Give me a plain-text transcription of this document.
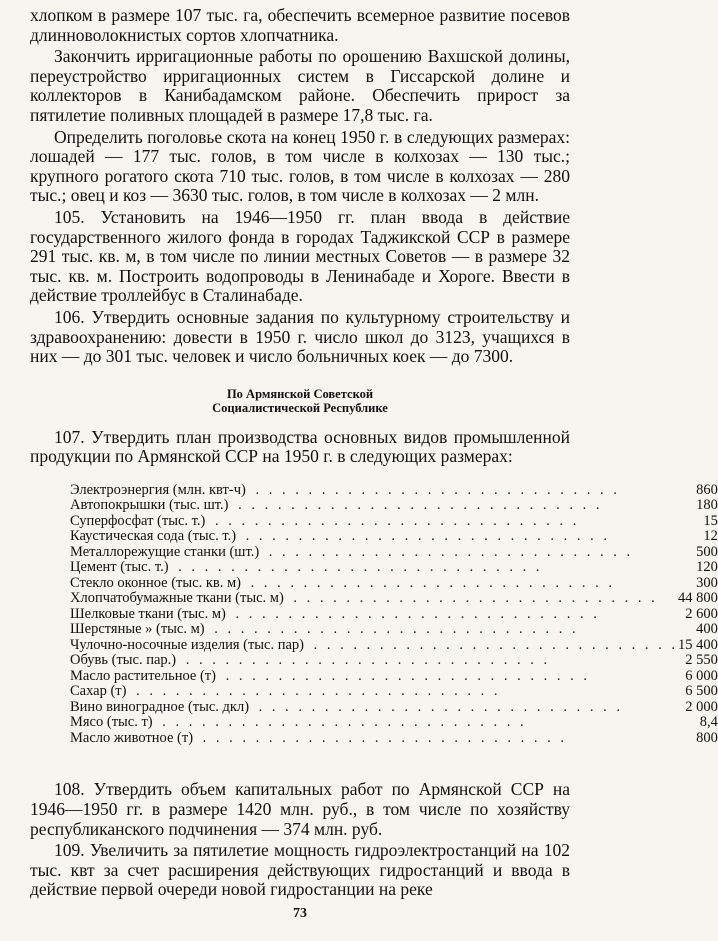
хлопком в размере 107 тыс. га, обеспечить всемерное развитие посевов длинноволокнистых сортов хлопчатника.

Закончить ирригационные работы по орошению Вахшской долины, переустройство ирригационных систем в Гиссарской долине и коллекторов в Канибадамском районе. Обеспечить прирост за пятилетие поливных площадей в размере 17,8 тыс. га.

Определить поголовье скота на конец 1950 г. в следующих размерах: лошадей — 177 тыс. голов, в том числе в колхозах — 130 тыс.; крупного рогатого скота 710 тыс. голов, в том числе в колхозах — 280 тыс.; овец и коз — 3630 тыс. голов, в том числе в колхозах — 2 млн.

105. Установить на 1946—1950 гг. план ввода в действие государственного жилого фонда в городах Таджикской ССР в размере 291 тыс. кв. м, в том числе по линии местных Советов — в размере 32 тыс. кв. м. Построить водопроводы в Ленинабаде и Хороге. Ввести в действие троллейбус в Сталинабаде.

106. Утвердить основные задания по культурному строительству и здравоохранению: довести в 1950 г. число школ до 3123, учащихся в них — до 301 тыс. человек и число больничных коек — до 7300.

По Армянской Советской
Социалистической Республике

107. Утвердить план производства основных видов промышленной продукции по Армянской ССР на 1950 г. в следующих размерах:

Электроэнергия (млн. квт-ч) . . . . . . . . . . . . . . . . . . . . . . . . . . . .	860
Автопокрышки (тыс. шт.) . . . . . . . . . . . . . . . . . . . . . . . . . . . .	180
Суперфосфат (тыс. т.) . . . . . . . . . . . . . . . . . . . . . . . . . . . .	15
Каустическая сода (тыс. т.) . . . . . . . . . . . . . . . . . . . . . . . . . . . .	12
Металлорежущие станки (шт.) . . . . . . . . . . . . . . . . . . . . . . . . . . . .	500
Цемент (тыс. т.) . . . . . . . . . . . . . . . . . . . . . . . . . . . .	120
Стекло оконное (тыс. кв. м) . . . . . . . . . . . . . . . . . . . . . . . . . . . .	300
Хлопчатобумажные ткани (тыс. м) . . . . . . . . . . . . . . . . . . . . . . . . . . . .	44 800
Шелковые ткани (тыс. м) . . . . . . . . . . . . . . . . . . . . . . . . . . . .	2 600
Шерстяные » (тыс. м) . . . . . . . . . . . . . . . . . . . . . . . . . . . .	400
Чулочно-носочные изделия (тыс. пар) . . . . . . . . . . . . . . . . . . . . . . . . . . . .	15 400
Обувь (тыс. пар.) . . . . . . . . . . . . . . . . . . . . . . . . . . . .	2 550
Масло растительное (т) . . . . . . . . . . . . . . . . . . . . . . . . . . . .	6 000
Сахар (т) . . . . . . . . . . . . . . . . . . . . . . . . . . . .	6 500
Вино виноградное (тыс. дкл) . . . . . . . . . . . . . . . . . . . . . . . . . . . .	2 000
Мясо (тыс. т) . . . . . . . . . . . . . . . . . . . . . . . . . . . .	8,4
Масло животное (т) . . . . . . . . . . . . . . . . . . . . . . . . . . . .	800

108. Утвердить объем капитальных работ по Армянской ССР на 1946—1950 гг. в размере 1420 млн. руб., в том числе по хозяйству республиканского подчинения — 374 млн. руб.

109. Увеличить за пятилетие мощность гидроэлектростанций на 102 тыс. квт за счет расширения действующих гидростанций и ввода в действие первой очереди новой гидростанции на реке

73
